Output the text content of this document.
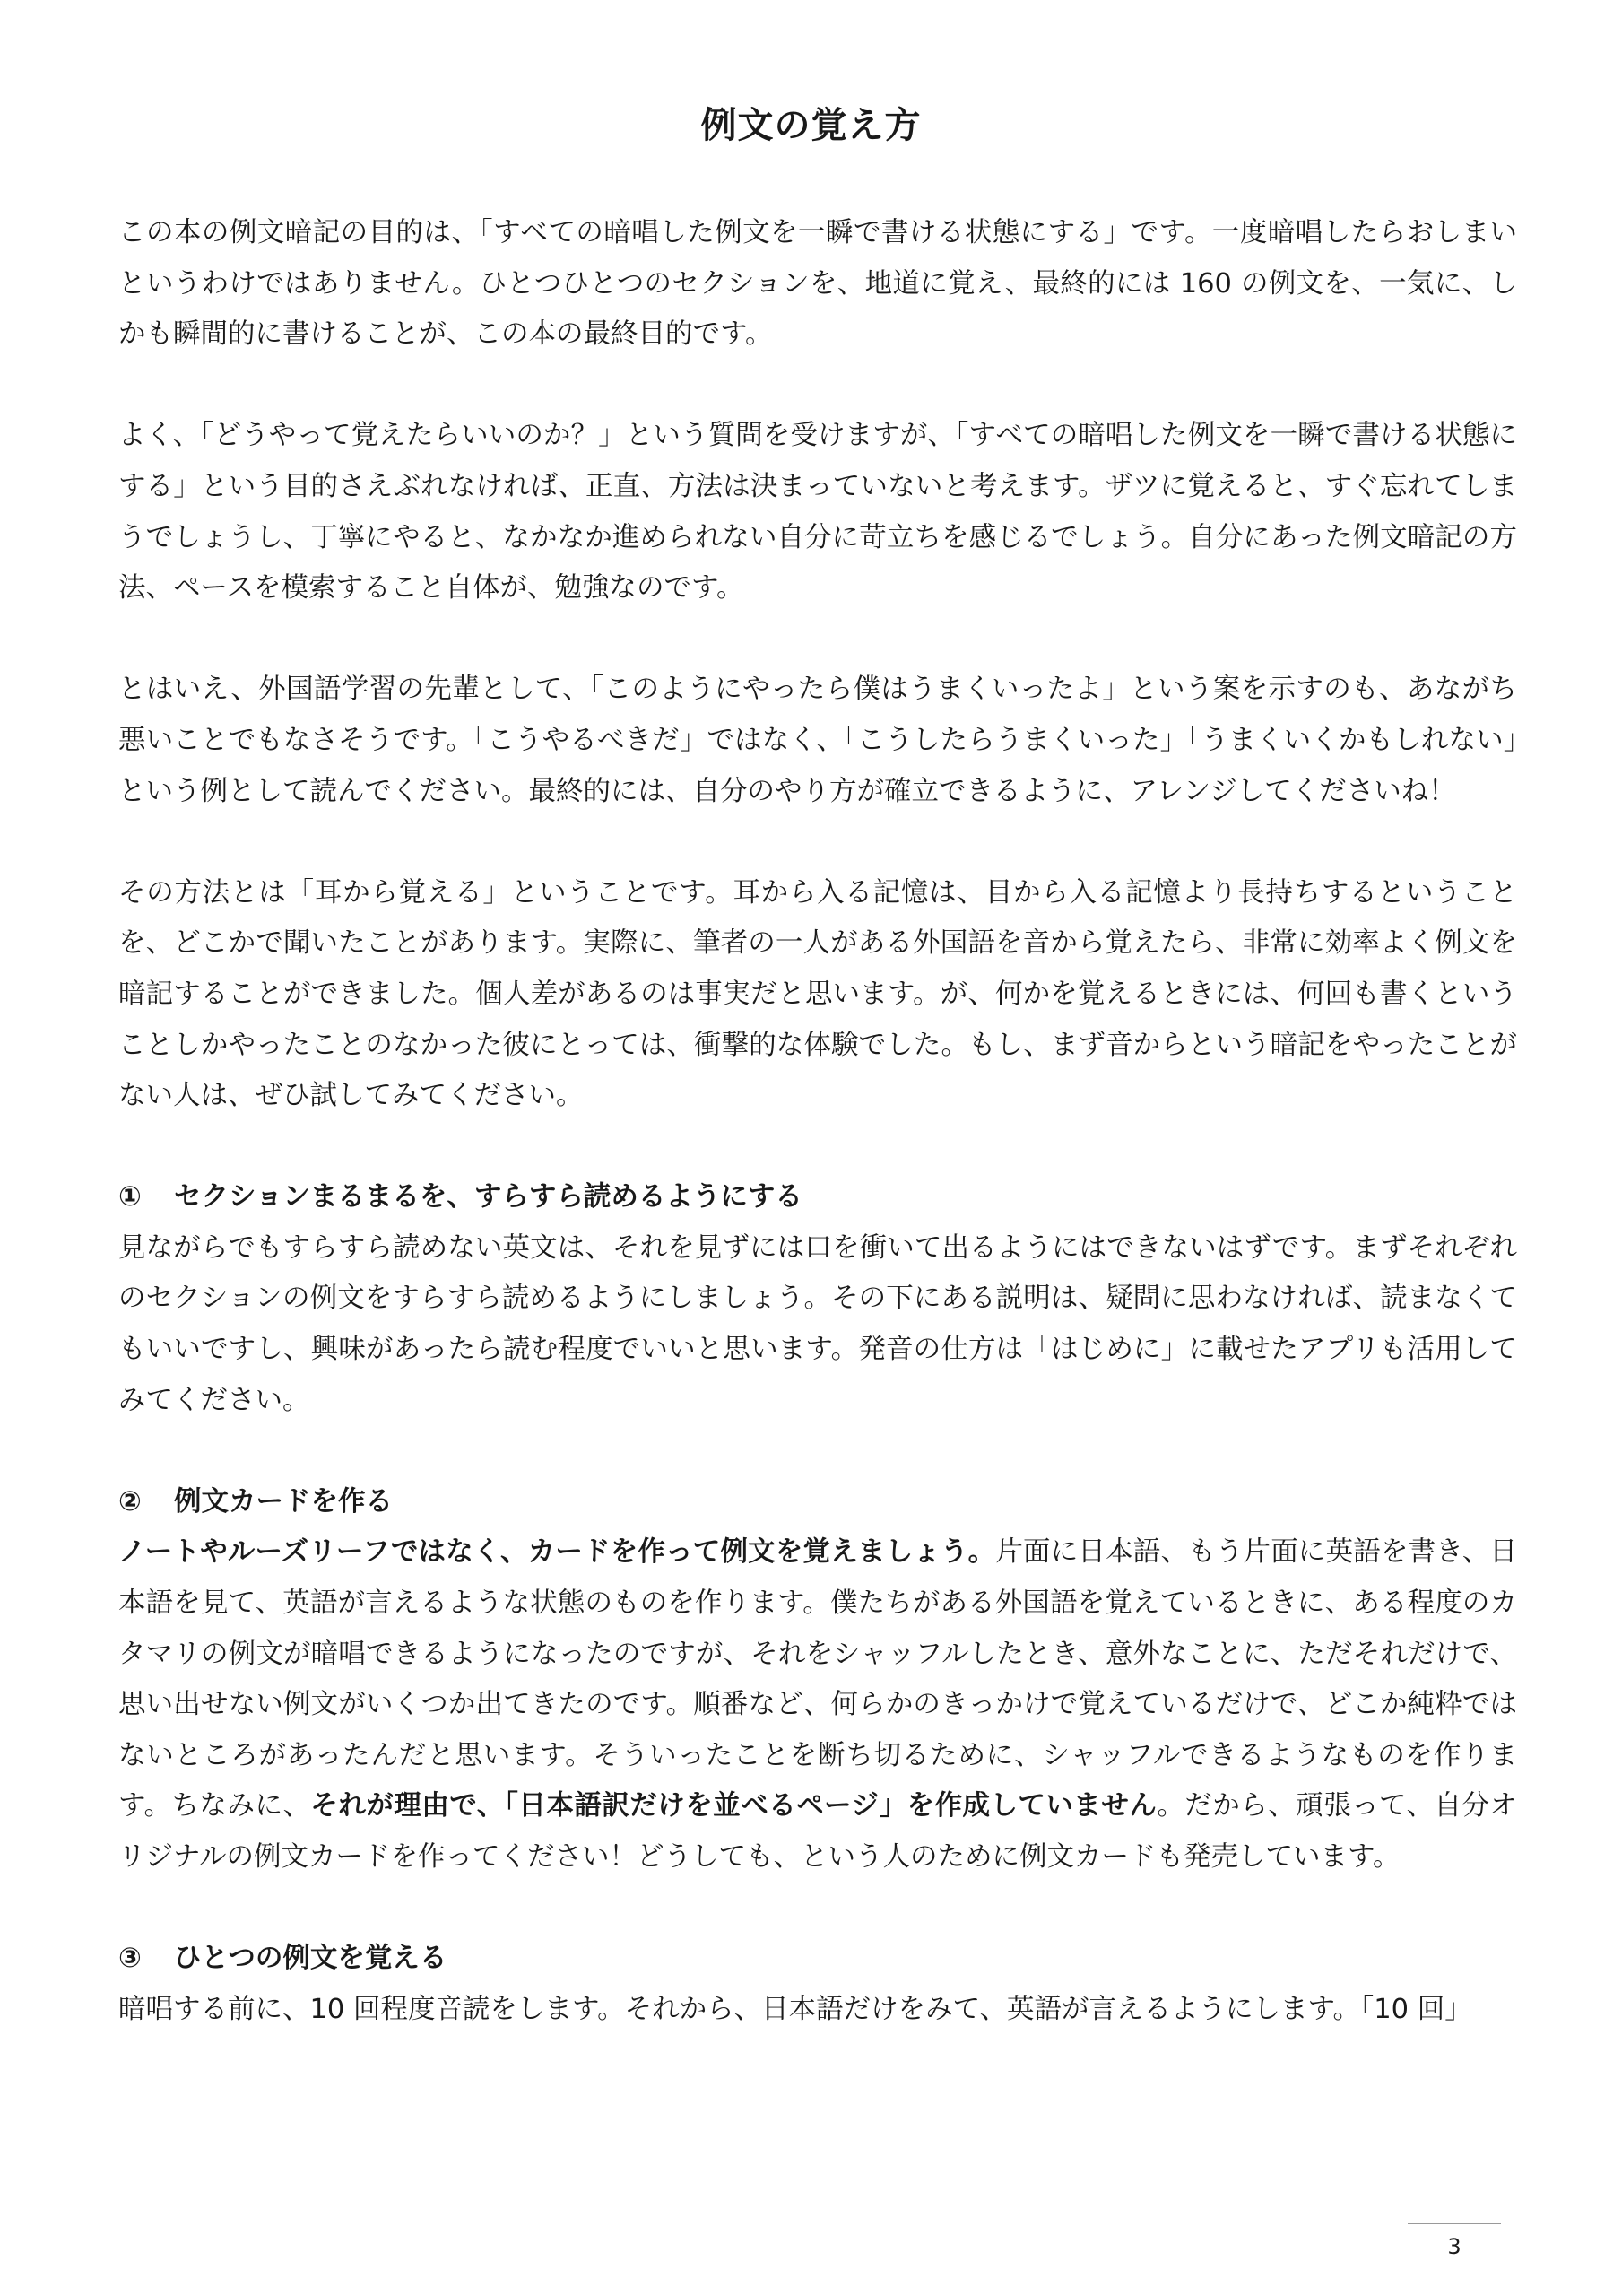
例文の覚え方

この本の例文暗記の目的は、「すべての暗唱した例文を一瞬で書ける状態にする」です。一度暗唱したらおしまいというわけではありません。ひとつひとつのセクションを、地道に覚え、最終的には 160 の例文を、一気に、しかも瞬間的に書けることが、この本の最終目的です。

よく、「どうやって覚えたらいいのか？」という質問を受けますが、「すべての暗唱した例文を一瞬で書ける状態にする」という目的さえぶれなければ、正直、方法は決まっていないと考えます。ザツに覚えると、すぐ忘れてしまうでしょうし、丁寧にやると、なかなか進められない自分に苛立ちを感じるでしょう。自分にあった例文暗記の方法、ペースを模索すること自体が、勉強なのです。

とはいえ、外国語学習の先輩として、「このようにやったら僕はうまくいったよ」という案を示すのも、あながち悪いことでもなさそうです。「こうやるべきだ」ではなく、「こうしたらうまくいった」「うまくいくかもしれない」という例として読んでください。最終的には、自分のやり方が確立できるように、アレンジしてくださいね！

その方法とは「耳から覚える」ということです。耳から入る記憶は、目から入る記憶より長持ちするということを、どこかで聞いたことがあります。実際に、筆者の一人がある外国語を音から覚えたら、非常に効率よく例文を暗記することができました。個人差があるのは事実だと思います。が、何かを覚えるときには、何回も書くということしかやったことのなかった彼にとっては、衝撃的な体験でした。もし、まず音からという暗記をやったことがない人は、ぜひ試してみてください。

① セクションまるまるを、すらすら読めるようにする

見ながらでもすらすら読めない英文は、それを見ずには口を衝いて出るようにはできないはずです。まずそれぞれのセクションの例文をすらすら読めるようにしましょう。その下にある説明は、疑問に思わなければ、読まなくてもいいですし、興味があったら読む程度でいいと思います。発音の仕方は「はじめに」に載せたアプリも活用してみてください。

② 例文カードを作る

ノートやルーズリーフではなく、カードを作って例文を覚えましょう。片面に日本語、もう片面に英語を書き、日本語を見て、英語が言えるような状態のものを作ります。僕たちがある外国語を覚えているときに、ある程度のカタマリの例文が暗唱できるようになったのですが、それをシャッフルしたとき、意外なことに、ただそれだけで、思い出せない例文がいくつか出てきたのです。順番など、何らかのきっかけで覚えているだけで、どこか純粋ではないところがあったんだと思います。そういったことを断ち切るために、シャッフルできるようなものを作ります。ちなみに、それが理由で、「日本語訳だけを並べるページ」を作成していません。だから、頑張って、自分オリジナルの例文カードを作ってください！どうしても、という人のために例文カードも発売しています。

③ ひとつの例文を覚える

暗唱する前に、10 回程度音読をします。それから、日本語だけをみて、英語が言えるようにします。「10 回」

3
